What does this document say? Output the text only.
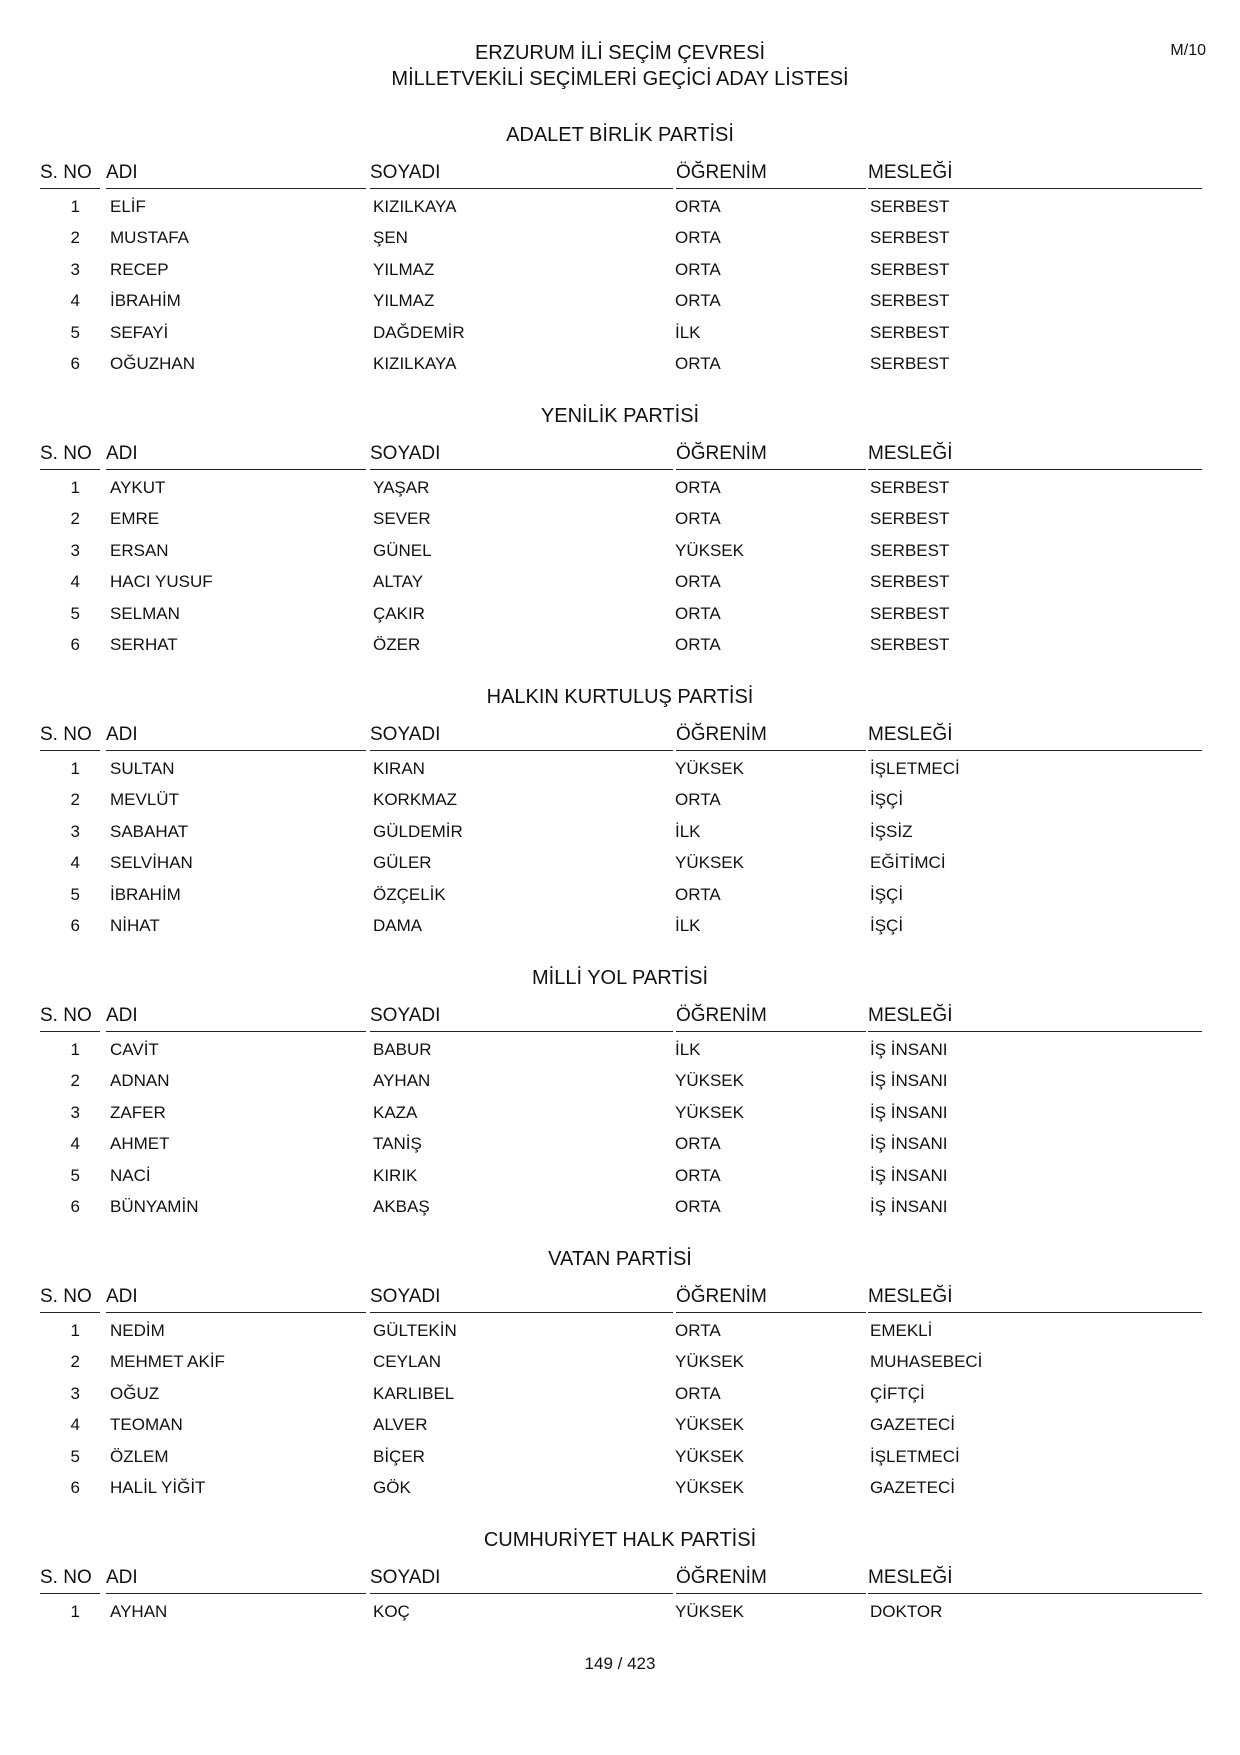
M/10
ERZURUM İLİ SEÇİM ÇEVRESİ
MİLLETVEKİLİ SEÇİMLERİ GEÇİCİ ADAY LİSTESİ
ADALET BİRLİK PARTİSİ
S. NO ADI	SOYADI	ÖĞRENİM	MESLEĞİ
1 ELİF	KIZILKAYA	ORTA	SERBEST
2 MUSTAFA	ŞEN	ORTA	SERBEST
3 RECEP	YILMAZ	ORTA	SERBEST
4 İBRAHİM	YILMAZ	ORTA	SERBEST
5 SEFAYİ	DAĞDEMİR	İLK	SERBEST
6 OĞUZHAN	KIZILKAYA	ORTA	SERBEST
YENİLİK PARTİSİ
S. NO ADI	SOYADI	ÖĞRENİM	MESLEĞİ
1 AYKUT	YAŞAR	ORTA	SERBEST
2 EMRE	SEVER	ORTA	SERBEST
3 ERSAN	GÜNEL	YÜKSEK	SERBEST
4 HACI YUSUF	ALTAY	ORTA	SERBEST
5 SELMAN	ÇAKIR	ORTA	SERBEST
6 SERHAT	ÖZER	ORTA	SERBEST
HALKIN KURTULUŞ PARTİSİ
S. NO ADI	SOYADI	ÖĞRENİM	MESLEĞİ
1 SULTAN	KIRAN	YÜKSEK	İŞLETMECİ
2 MEVLÜT	KORKMAZ	ORTA	İŞÇİ
3 SABAHAT	GÜLDEMİR	İLK	İŞSİZ
4 SELVİHAN	GÜLER	YÜKSEK	EĞİTİMCİ
5 İBRAHİM	ÖZÇELİK	ORTA	İŞÇİ
6 NİHAT	DAMA	İLK	İŞÇİ
MİLLİ YOL PARTİSİ
S. NO ADI	SOYADI	ÖĞRENİM	MESLEĞİ
1 CAVİT	BABUR	İLK	İŞ İNSANI
2 ADNAN	AYHAN	YÜKSEK	İŞ İNSANI
3 ZAFER	KAZA	YÜKSEK	İŞ İNSANI
4 AHMET	TANİŞ	ORTA	İŞ İNSANI
5 NACİ	KIRIK	ORTA	İŞ İNSANI
6 BÜNYAMİN	AKBAŞ	ORTA	İŞ İNSANI
VATAN PARTİSİ
S. NO ADI	SOYADI	ÖĞRENİM	MESLEĞİ
1 NEDİM	GÜLTEKİN	ORTA	EMEKLİ
2 MEHMET AKİF	CEYLAN	YÜKSEK	MUHASEBECİ
3 OĞUZ	KARLIBEL	ORTA	ÇİFTÇİ
4 TEOMAN	ALVER	YÜKSEK	GAZETECİ
5 ÖZLEM	BİÇER	YÜKSEK	İŞLETMECİ
6 HALİL YİĞİT	GÖK	YÜKSEK	GAZETECİ
CUMHURİYET HALK PARTİSİ
S. NO ADI	SOYADI	ÖĞRENİM	MESLEĞİ
1 AYHAN	KOÇ	YÜKSEK	DOKTOR
149 / 423
